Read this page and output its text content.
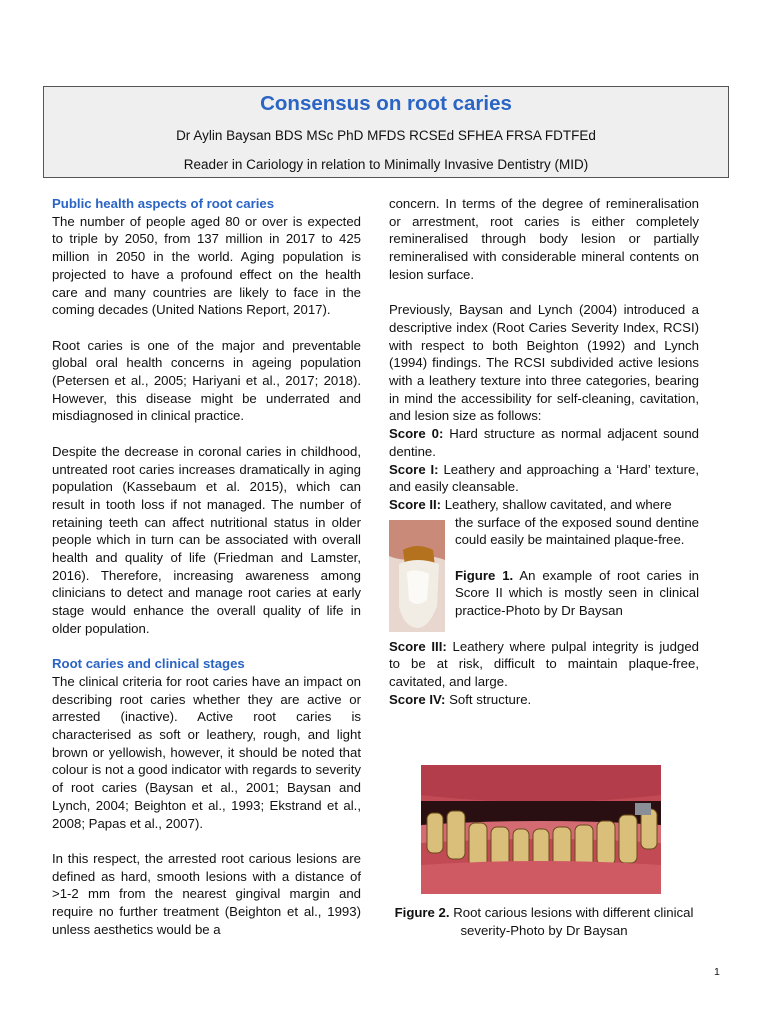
Consensus on root caries
Dr Aylin Baysan BDS MSc PhD MFDS RCSEd SFHEA FRSA FDTFEd
Reader in Cariology in relation to Minimally Invasive Dentistry (MID)
Public health aspects of root caries

The number of people aged 80 or over is expected to triple by 2050, from 137 million in 2017 to 425 million in 2050 in the world. Aging population is projected to have a profound effect on the health care and many countries are likely to face in the coming decades (United Nations Report, 2017).

Root caries is one of the major and preventable global oral health concerns in ageing population (Petersen et al., 2005; Hariyani et al., 2017; 2018). However, this disease might be underrated and misdiagnosed in clinical practice.

Despite the decrease in coronal caries in childhood, untreated root caries increases dramatically in aging population (Kassebaum et al. 2015), which can result in tooth loss if not managed. The number of retaining teeth can affect nutritional status in older people which in turn can be associated with overall health and quality of life (Friedman and Lamster, 2016). Therefore, increasing awareness among clinicians to detect and manage root caries at early stage would enhance the overall quality of life in older population.

Root caries and clinical stages

The clinical criteria for root caries have an impact on describing root caries whether they are active or arrested (inactive). Active root caries is characterised as soft or leathery, rough, and light brown or yellowish, however, it should be noted that colour is not a good indicator with regards to severity of root caries (Baysan et al., 2001; Baysan and Lynch, 2004; Beighton et al., 1993; Ekstrand et al., 2008; Papas et al., 2007).

In this respect, the arrested root carious lesions are defined as hard, smooth lesions with a distance of >1-2 mm from the nearest gingival margin and require no further treatment (Beighton et al., 1993) unless aesthetics would be a

concern. In terms of the degree of remineralisation or arrestment, root caries is either completely remineralised through body lesion or partially remineralised with considerable mineral contents on lesion surface.

Previously, Baysan and Lynch (2004) introduced a descriptive index (Root Caries Severity Index, RCSI) with respect to both Beighton (1992) and Lynch (1994) findings. The RCSI subdivided active lesions with a leathery texture into three categories, bearing in mind the accessibility for self-cleaning, cavitation, and lesion size as follows:

Score 0: Hard structure as normal adjacent sound dentine.

Score I: Leathery and approaching a ‘Hard’ texture, and easily cleansable.

Score II: Leathery, shallow cavitated, and where

the surface of the exposed sound dentine could easily be maintained plaque-free.

Figure 1. An example of root caries in Score II which is mostly seen in clinical practice-Photo by Dr Baysan

Score III: Leathery where pulpal integrity is judged to be at risk, difficult to maintain plaque-free, cavitated, and large.

Score IV: Soft structure.

Figure 2. Root carious lesions with different clinical severity-Photo by Dr Baysan
1
